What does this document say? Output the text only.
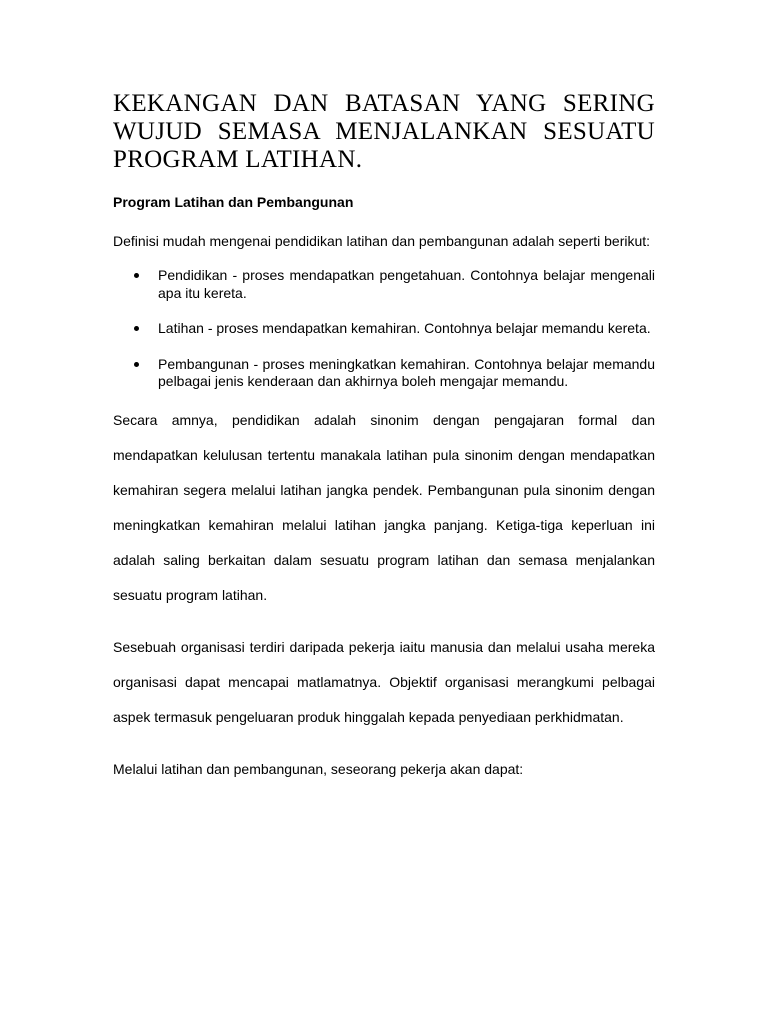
KEKANGAN DAN BATASAN YANG SERING WUJUD SEMASA MENJALANKAN SESUATU PROGRAM LATIHAN.

Program Latihan dan Pembangunan

Definisi mudah mengenai pendidikan latihan dan pembangunan adalah seperti berikut:

Pendidikan - proses mendapatkan pengetahuan. Contohnya belajar mengenali apa itu kereta.
Latihan - proses mendapatkan kemahiran. Contohnya belajar memandu kereta.
Pembangunan - proses meningkatkan kemahiran. Contohnya belajar memandu pelbagai jenis kenderaan dan akhirnya boleh mengajar memandu.

Secara amnya, pendidikan adalah sinonim dengan pengajaran formal dan mendapatkan kelulusan tertentu manakala latihan pula sinonim dengan mendapatkan kemahiran segera melalui latihan jangka pendek. Pembangunan pula sinonim dengan meningkatkan kemahiran melalui latihan jangka panjang. Ketiga-tiga keperluan ini adalah saling berkaitan dalam sesuatu program latihan dan semasa menjalankan sesuatu program latihan.

Sesebuah organisasi terdiri daripada pekerja iaitu manusia dan melalui usaha mereka organisasi dapat mencapai matlamatnya. Objektif organisasi merangkumi pelbagai aspek termasuk pengeluaran produk hinggalah kepada penyediaan perkhidmatan.

Melalui latihan dan pembangunan, seseorang pekerja akan dapat:
